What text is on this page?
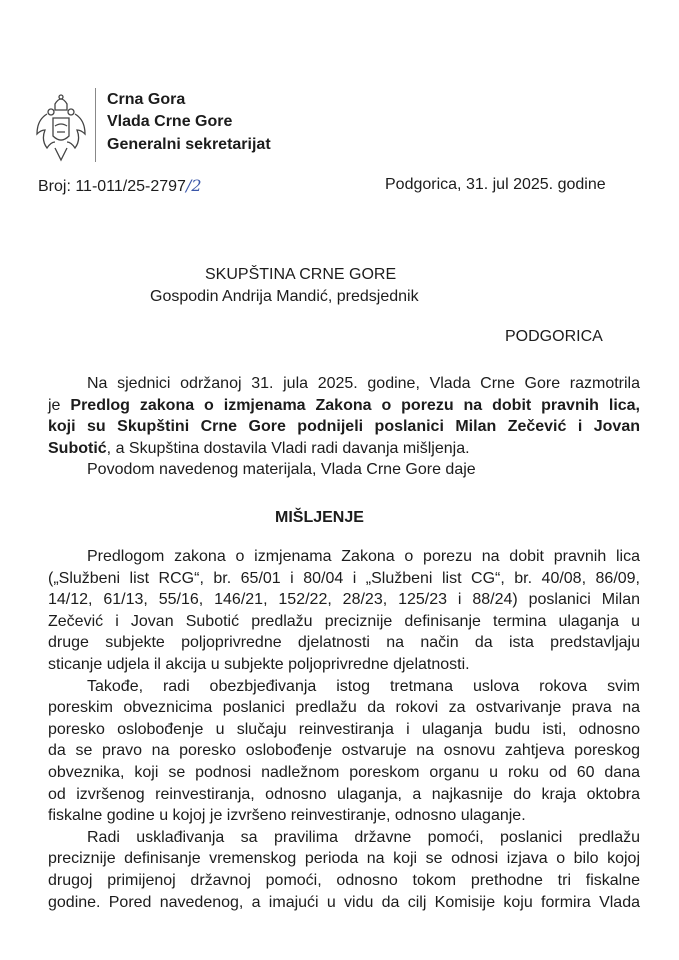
Crna Gora
Vlada Crne Gore
Generalni sekretarijat
Broj: 11-011/25-2797/2	Podgorica, 31. jul 2025. godine
SKUPŠTINA CRNE GORE
Gospodin Andrija Mandić, predsjednik
PODGORICA
Na sjednici održanoj 31. jula 2025. godine, Vlada Crne Gore razmotrila
je Predlog zakona o izmjenama Zakona o porezu na dobit pravnih lica,
koji su Skupštini Crne Gore podnijeli poslanici Milan Zečević i Jovan
Subotić, a Skupština dostavila Vladi radi davanja mišljenja.
Povodom navedenog materijala, Vlada Crne Gore daje
MIŠLJENJE
Predlogom zakona o izmjenama Zakona o porezu na dobit pravnih lica
(„Službeni list RCG“, br. 65/01 i 80/04 i „Službeni list CG“, br. 40/08, 86/09,
14/12, 61/13, 55/16, 146/21, 152/22, 28/23, 125/23 i 88/24) poslanici Milan
Zečević i Jovan Subotić predlažu preciznije definisanje termina ulaganja u
druge subjekte poljoprivredne djelatnosti na način da ista predstavljaju
sticanje udjela il akcija u subjekte poljoprivredne djelatnosti.
Takođe, radi obezbjeđivanja istog tretmana uslova rokova svim
poreskim obveznicima poslanici predlažu da rokovi za ostvarivanje prava na
poresko oslobođenje u slučaju reinvestiranja i ulaganja budu isti, odnosno
da se pravo na poresko oslobođenje ostvaruje na osnovu zahtjeva poreskog
obveznika, koji se podnosi nadležnom poreskom organu u roku od 60 dana
od izvršenog reinvestiranja, odnosno ulaganja, a najkasnije do kraja oktobra
fiskalne godine u kojoj je izvršeno reinvestiranje, odnosno ulaganje.
Radi usklađivanja sa pravilima državne pomoći, poslanici predlažu
preciznije definisanje vremenskog perioda na koji se odnosi izjava o bilo kojoj
drugoj primijenoj državnoj pomoći, odnosno tokom prethodne tri fiskalne
godine. Pored navedenog, a imajući u vidu da cilj Komisije koju formira Vlada
